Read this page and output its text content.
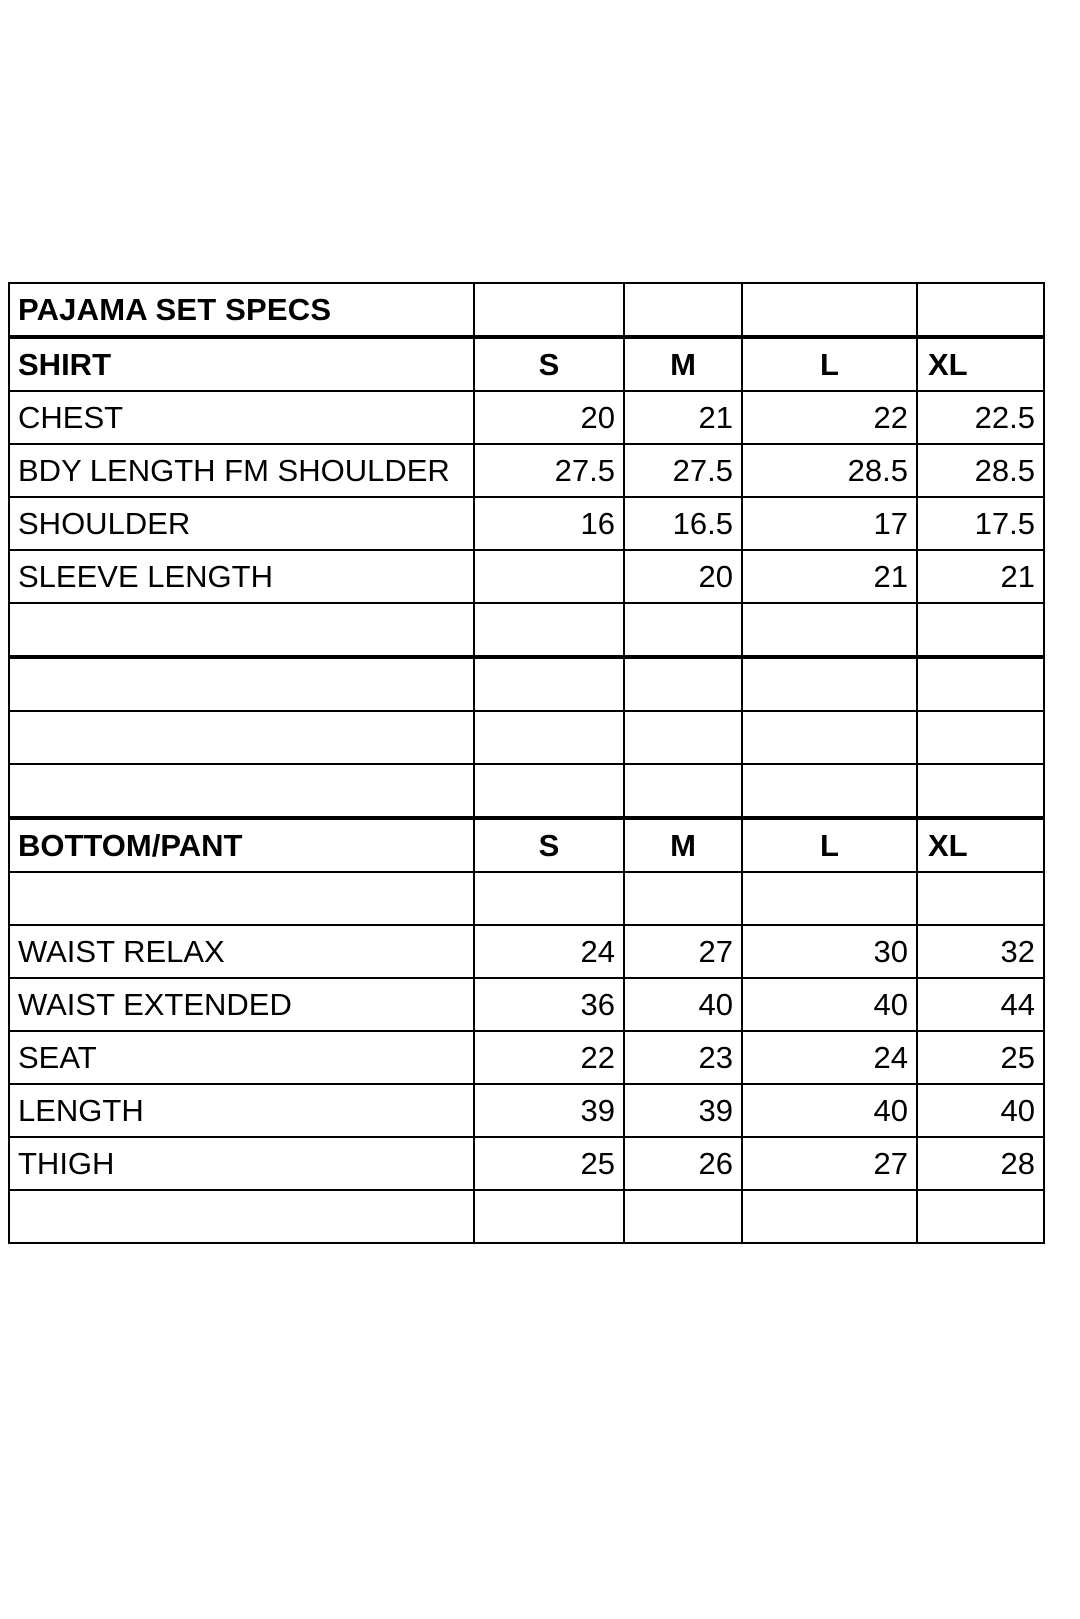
PAJAMA SET SPECS				
SHIRT	S	M	L	XL
CHEST	20	21	22	22.5
BDY LENGTH FM SHOULDER	27.5	27.5	28.5	28.5
SHOULDER	16	16.5	17	17.5
SLEEVE LENGTH		20	21	21

BOTTOM/PANT	S	M	L	XL

WAIST RELAX	24	27	30	32
WAIST EXTENDED	36	40	40	44
SEAT	22	23	24	25
LENGTH	39	39	40	40
THIGH	25	26	27	28
